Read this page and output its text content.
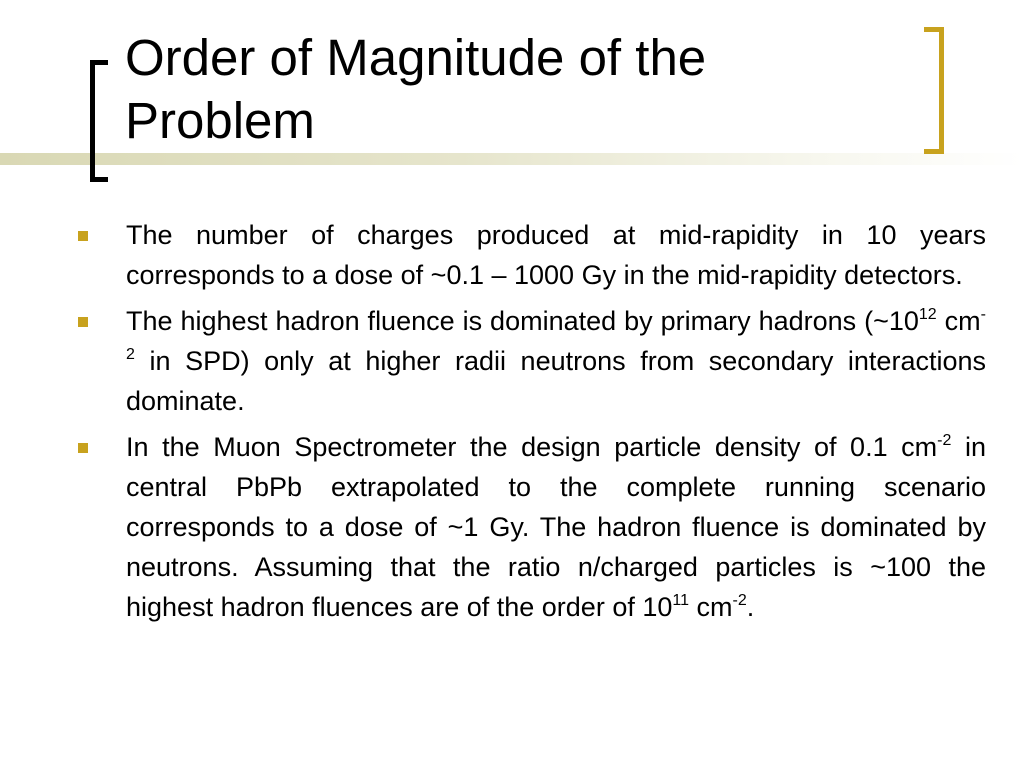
Order of Magnitude of the
Problem
The number of charges produced at mid-rapidity in 10 years corresponds to a dose of ~0.1 – 1000 Gy in the mid-rapidity detectors.
The highest hadron fluence is dominated by primary hadrons ($\sim 10^{12}$ $cm^{-2}$ in SPD) only at higher radii neutrons from secondary interactions dominate.
In the Muon Spectrometer the design particle density of 0.1 $cm^{-2}$ in central PbPb extrapolated to the complete running scenario corresponds to a dose of ~1 Gy. The hadron fluence is dominated by neutrons. Assuming that the ratio n/charged particles is ~100 the highest hadron fluences are of the order of $10^{11}$ $cm^{-2}$.
